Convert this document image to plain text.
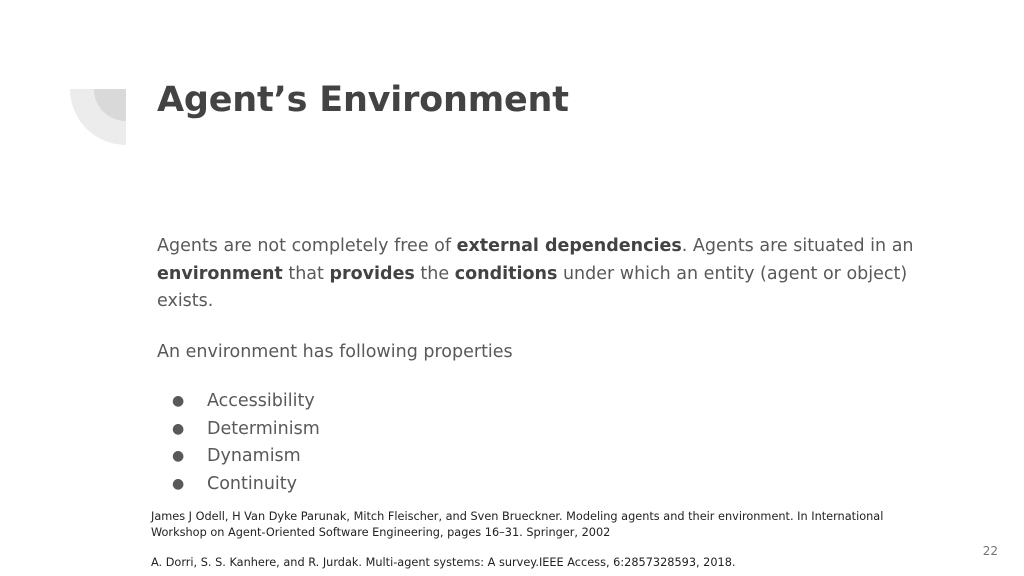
Agent’s Environment
Agents are not completely free of external dependencies. Agents are situated in an environment that provides the conditions under which an entity (agent or object) exists.
An environment has following properties
●	Accessibility
●	Determinism
●	Dynamism
●	Continuity

James J Odell, H Van Dyke Parunak, Mitch Fleischer, and Sven Brueckner. Modeling agents and their environment. In International Workshop on Agent-Oriented Software Engineering, pages 16–31. Springer, 2002

A. Dorri, S. S. Kanhere, and R. Jurdak. Multi-agent systems: A survey.IEEE Access, 6:2857328593, 2018.

22
